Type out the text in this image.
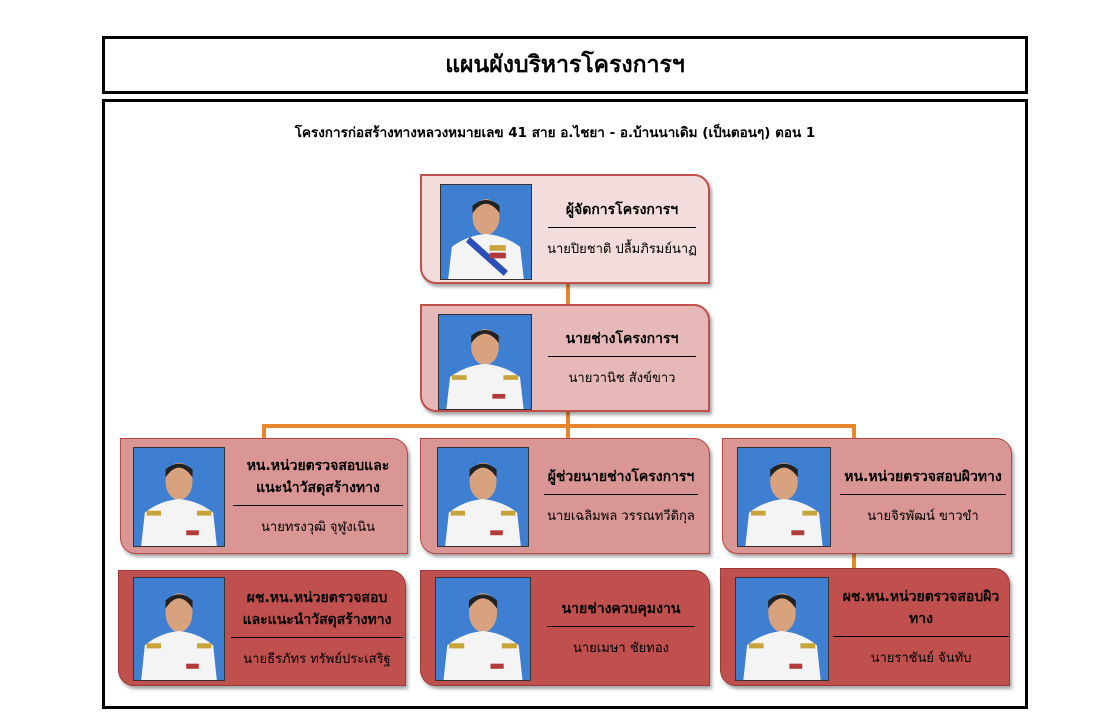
แผนผังบริหารโครงการฯ
โครงการก่อสร้างทางหลวงหมายเลข 41 สาย อ.ไชยา - อ.บ้านนาเดิม (เป็นตอนๆ) ตอน 1
ผู้จัดการโครงการฯ
นายปิยชาติ ปลื้มภิรมย์นาฏ
นายช่างโครงการฯ
นายวานิช สังข์ขาว
หน.หน่วยตรวจสอบและแนะนำวัสดุสร้างทาง
นายทรงวุฒิ จุฬูงเนิน
ผู้ช่วยนายช่างโครงการฯ
นายเฉลิมพล วรรณทวีดิกุล
หน.หน่วยตรวจสอบผิวทาง
นายจิรพัฒน์ ขาวขำ
ผช.หน.หน่วยตรวจสอบและแนะนำวัสดุสร้างทาง
นายธีรภัทร ทรัพย์ประเสริฐ
นายช่างควบคุมงาน
นายเมษา ชัยทอง
ผช.หน.หน่วยตรวจสอบผิวทาง
นายราชันย์ จันทับ
